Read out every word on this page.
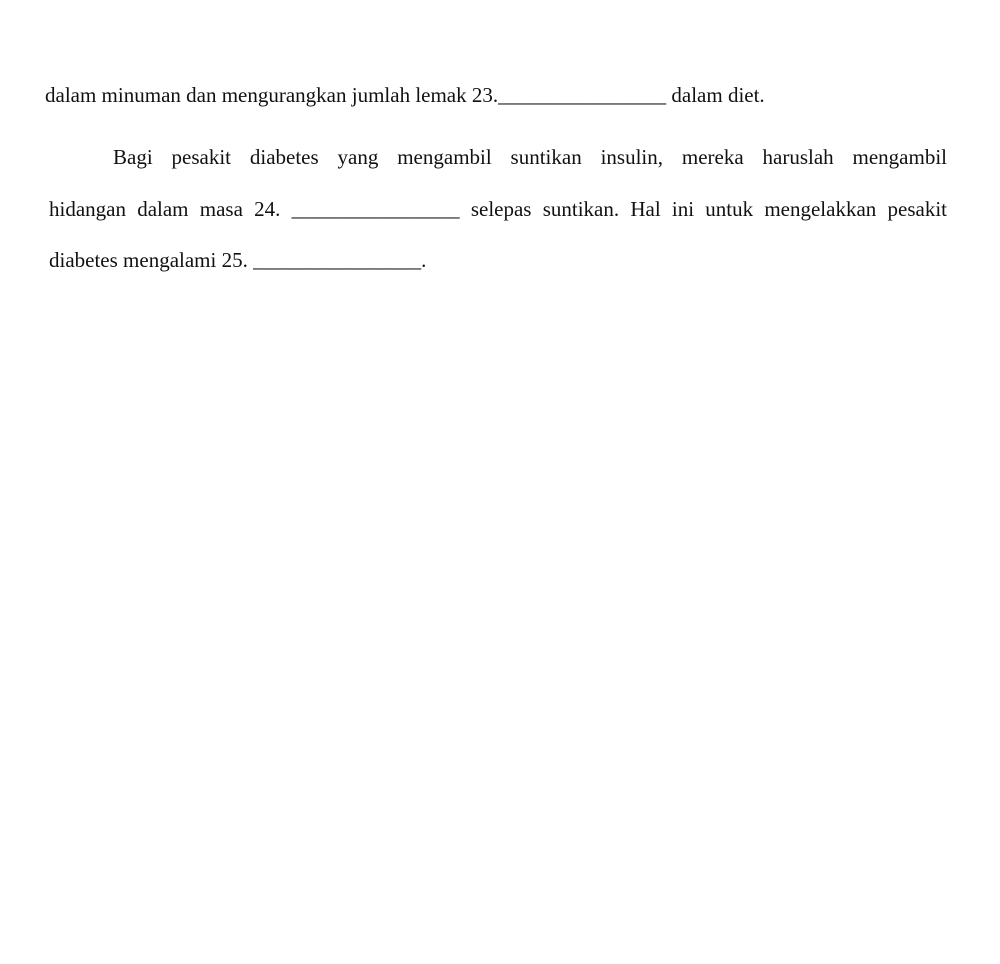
dalam minuman dan mengurangkan jumlah lemak 23.________________ dalam diet.
Bagi pesakit diabetes yang mengambil suntikan insulin, mereka haruslah mengambil
hidangan dalam masa 24. ________________ selepas suntikan. Hal ini untuk mengelakkan pesakit
diabetes mengalami 25. ________________.
